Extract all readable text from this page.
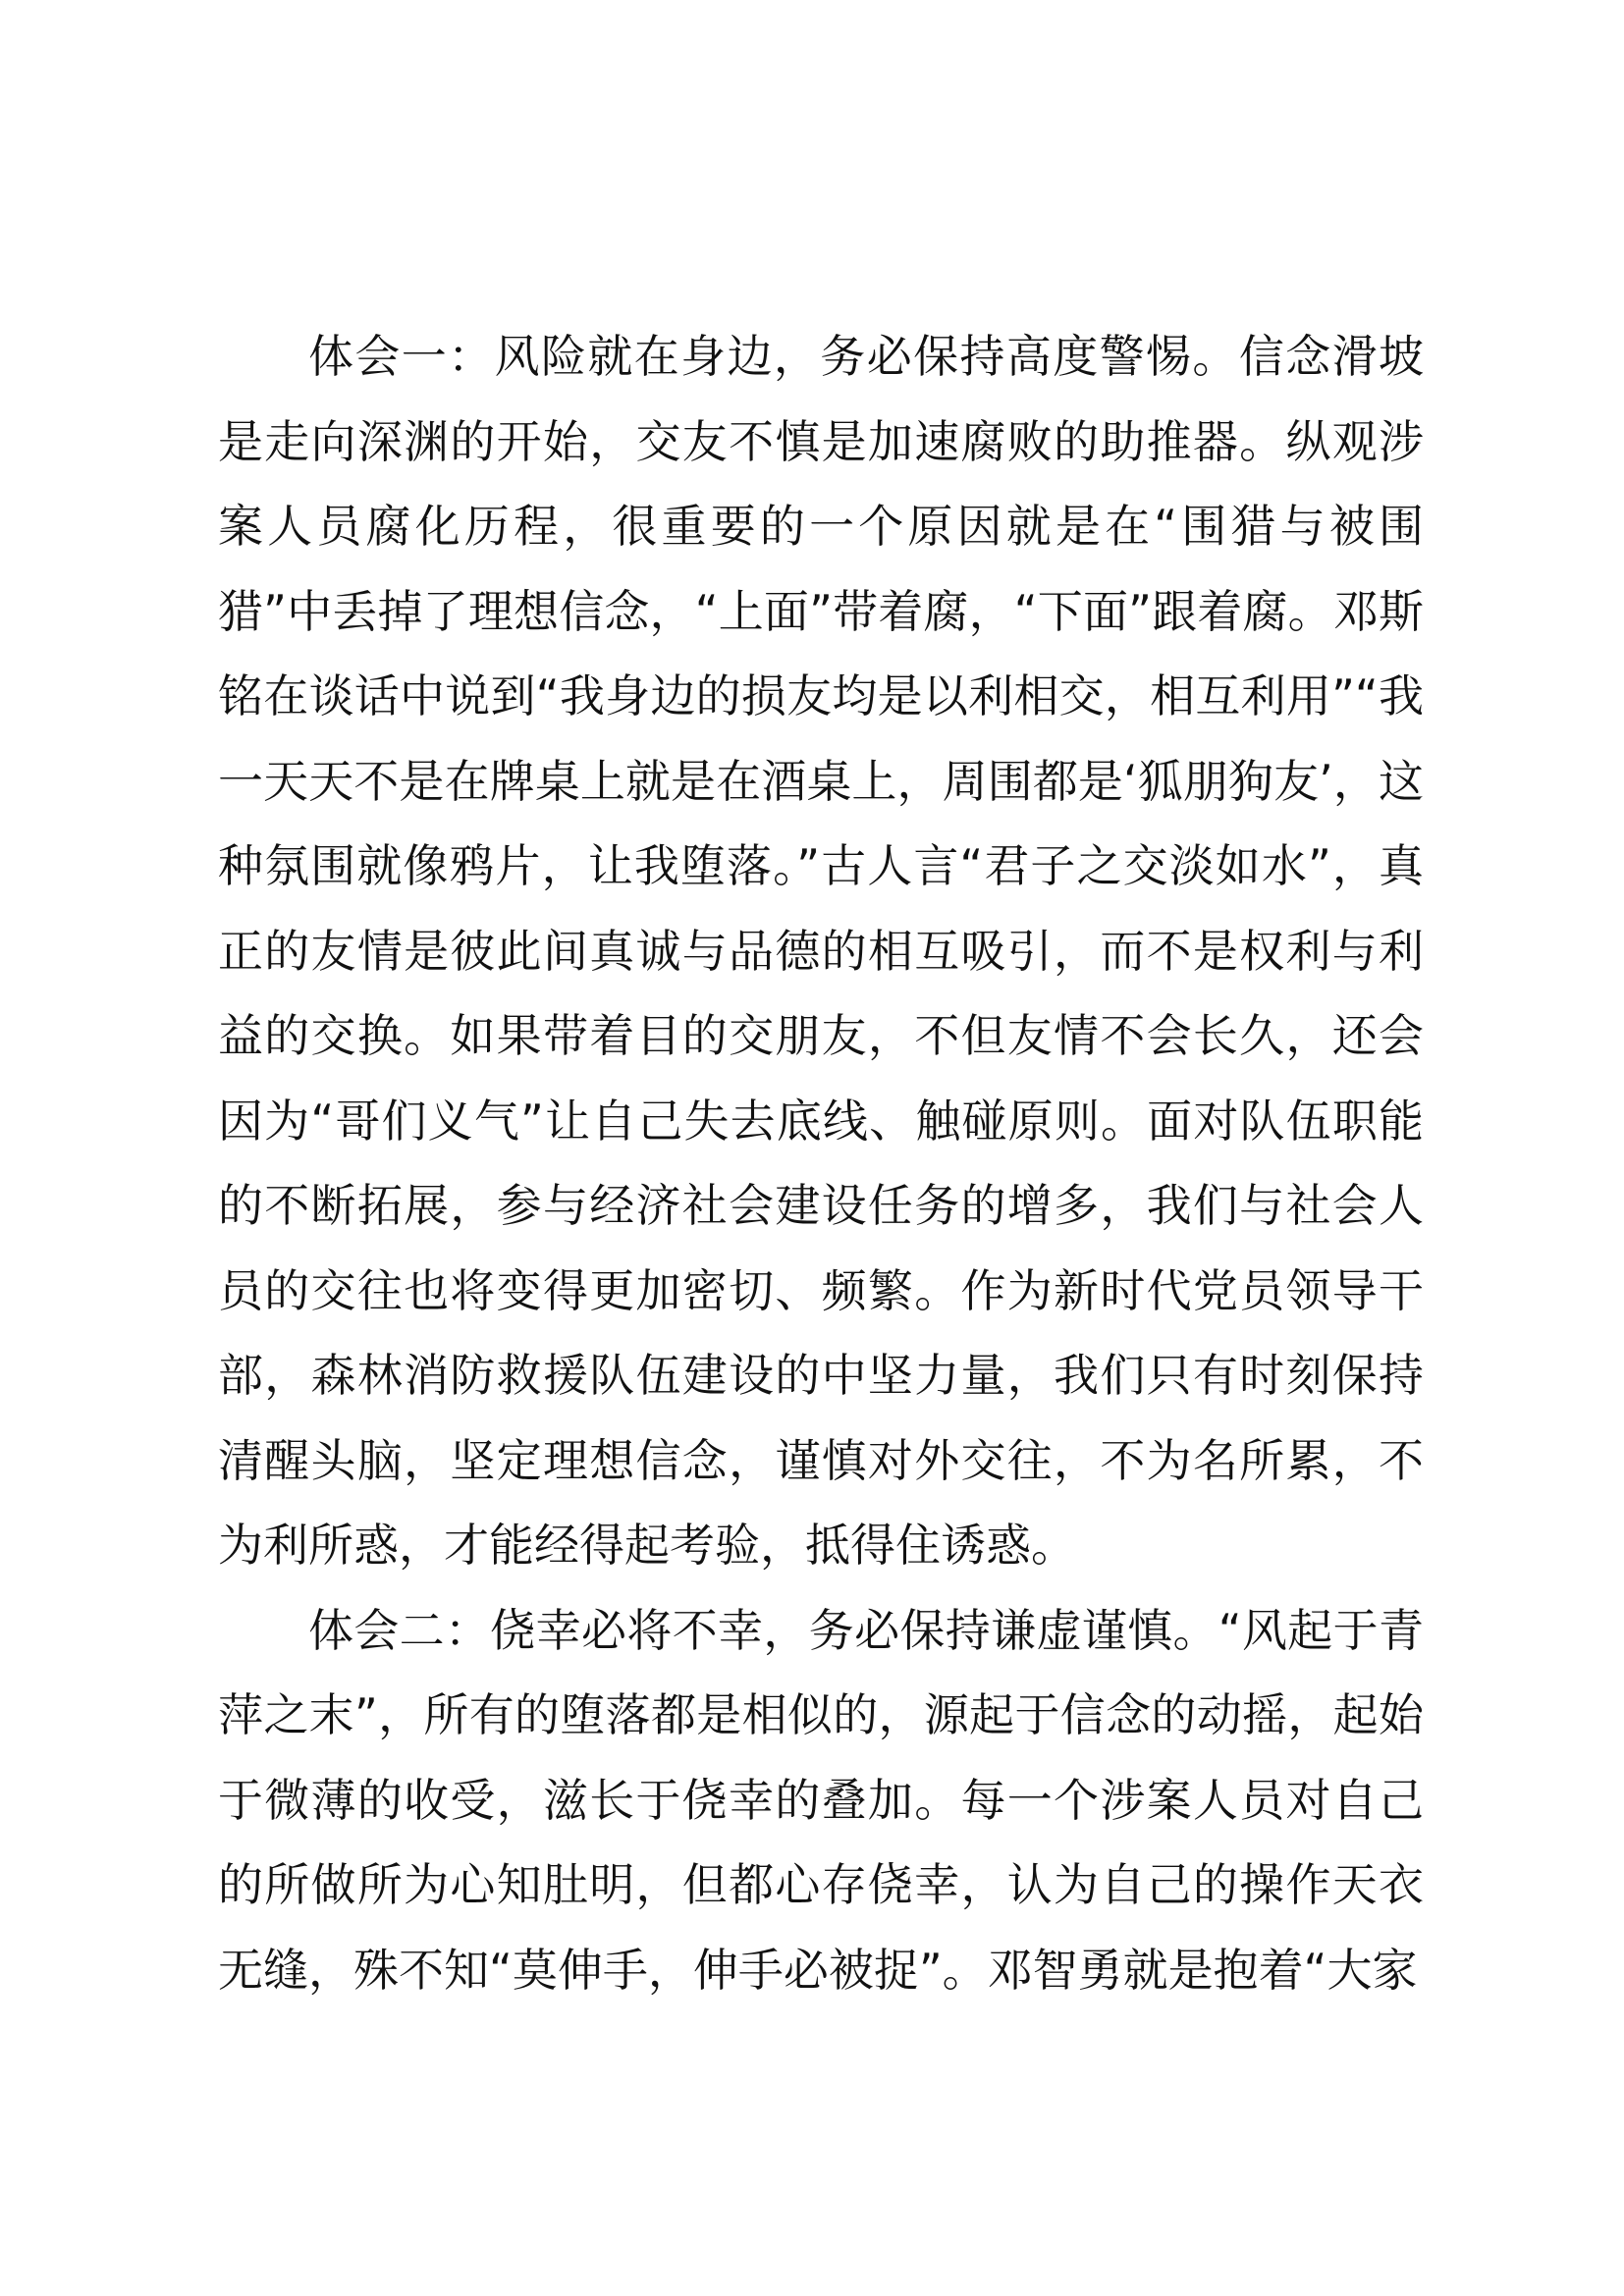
体会一：风险就在身边，务必保持高度警惕。信念滑坡是走向深渊的开始，交友不慎是加速腐败的助推器。纵观涉案人员腐化历程，很重要的一个原因就是在“围猎与被围猎”中丢掉了理想信念，“上面”带着腐，“下面”跟着腐。邓斯铭在谈话中说到“我身边的损友均是以利相交，相互利用”“我一天天不是在牌桌上就是在酒桌上，周围都是‘狐朋狗友’，这种氛围就像鸦片，让我堕落。”古人言“君子之交淡如水”，真正的友情是彼此间真诚与品德的相互吸引，而不是权利与利益的交换。如果带着目的交朋友，不但友情不会长久，还会因为“哥们义气”让自己失去底线、触碰原则。面对队伍职能的不断拓展，参与经济社会建设任务的增多，我们与社会人员的交往也将变得更加密切、频繁。作为新时代党员领导干部，森林消防救援队伍建设的中坚力量，我们只有时刻保持清醒头脑，坚定理想信念，谨慎对外交往，不为名所累，不为利所惑，才能经得起考验，抵得住诱惑。

体会二：侥幸必将不幸，务必保持谦虚谨慎。“风起于青萍之末”，所有的堕落都是相似的，源起于信念的动摇，起始于微薄的收受，滋长于侥幸的叠加。每一个涉案人员对自己的所做所为心知肚明，但都心存侥幸，认为自己的操作天衣无缝，殊不知“莫伸手，伸手必被捉”。邓智勇就是抱着“大家
